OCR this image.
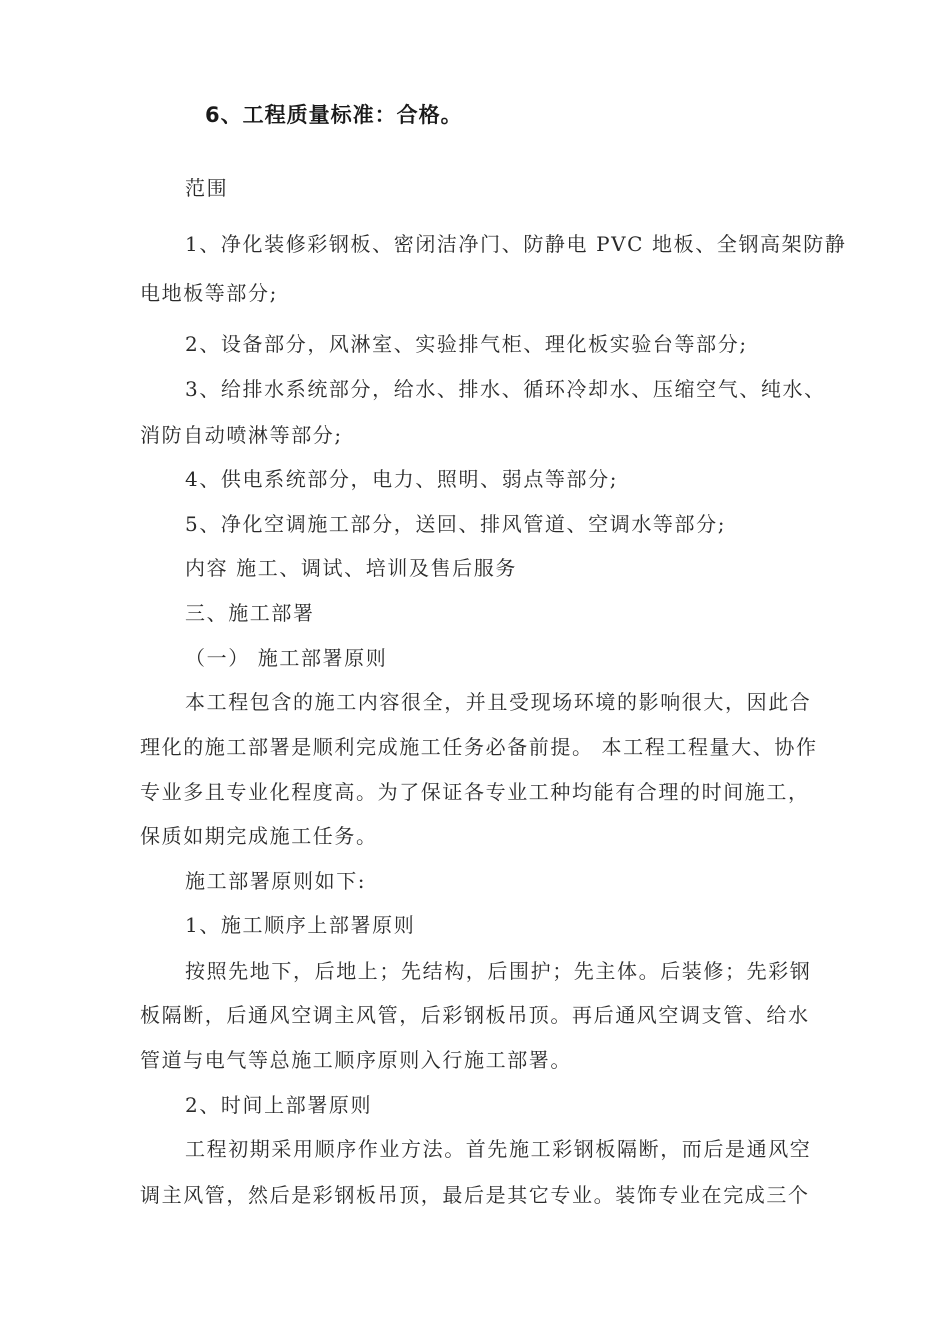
6、工程质量标准：合格。
范围
1、净化装修彩钢板、密闭洁净门、防静电 PVC 地板、全钢高架防静
电地板等部分;
2、设备部分，风淋室、实验排气柜、理化板实验台等部分;
3、给排水系统部分，给水、排水、循环冷却水、压缩空气、纯水、
消防自动喷淋等部分;
4、供电系统部分，电力、照明、弱点等部分;
5、净化空调施工部分，送回、排风管道、空调水等部分;
内容 施工、调试、培训及售后服务
三、施工部署
（一） 施工部署原则
本工程包含的施工内容很全，并且受现场环境的影响很大，因此合
理化的施工部署是顺利完成施工任务必备前提。 本工程工程量大、协作
专业多且专业化程度高。为了保证各专业工种均能有合理的时间施工，
保质如期完成施工任务。
施工部署原则如下:
1、施工顺序上部署原则
按照先地下，后地上；先结构，后围护；先主体。后装修；先彩钢
板隔断，后通风空调主风管，后彩钢板吊顶。再后通风空调支管、给水
管道与电气等总施工顺序原则入行施工部署。
2、时间上部署原则
工程初期采用顺序作业方法。首先施工彩钢板隔断，而后是通风空
调主风管，然后是彩钢板吊顶，最后是其它专业。装饰专业在完成三个
